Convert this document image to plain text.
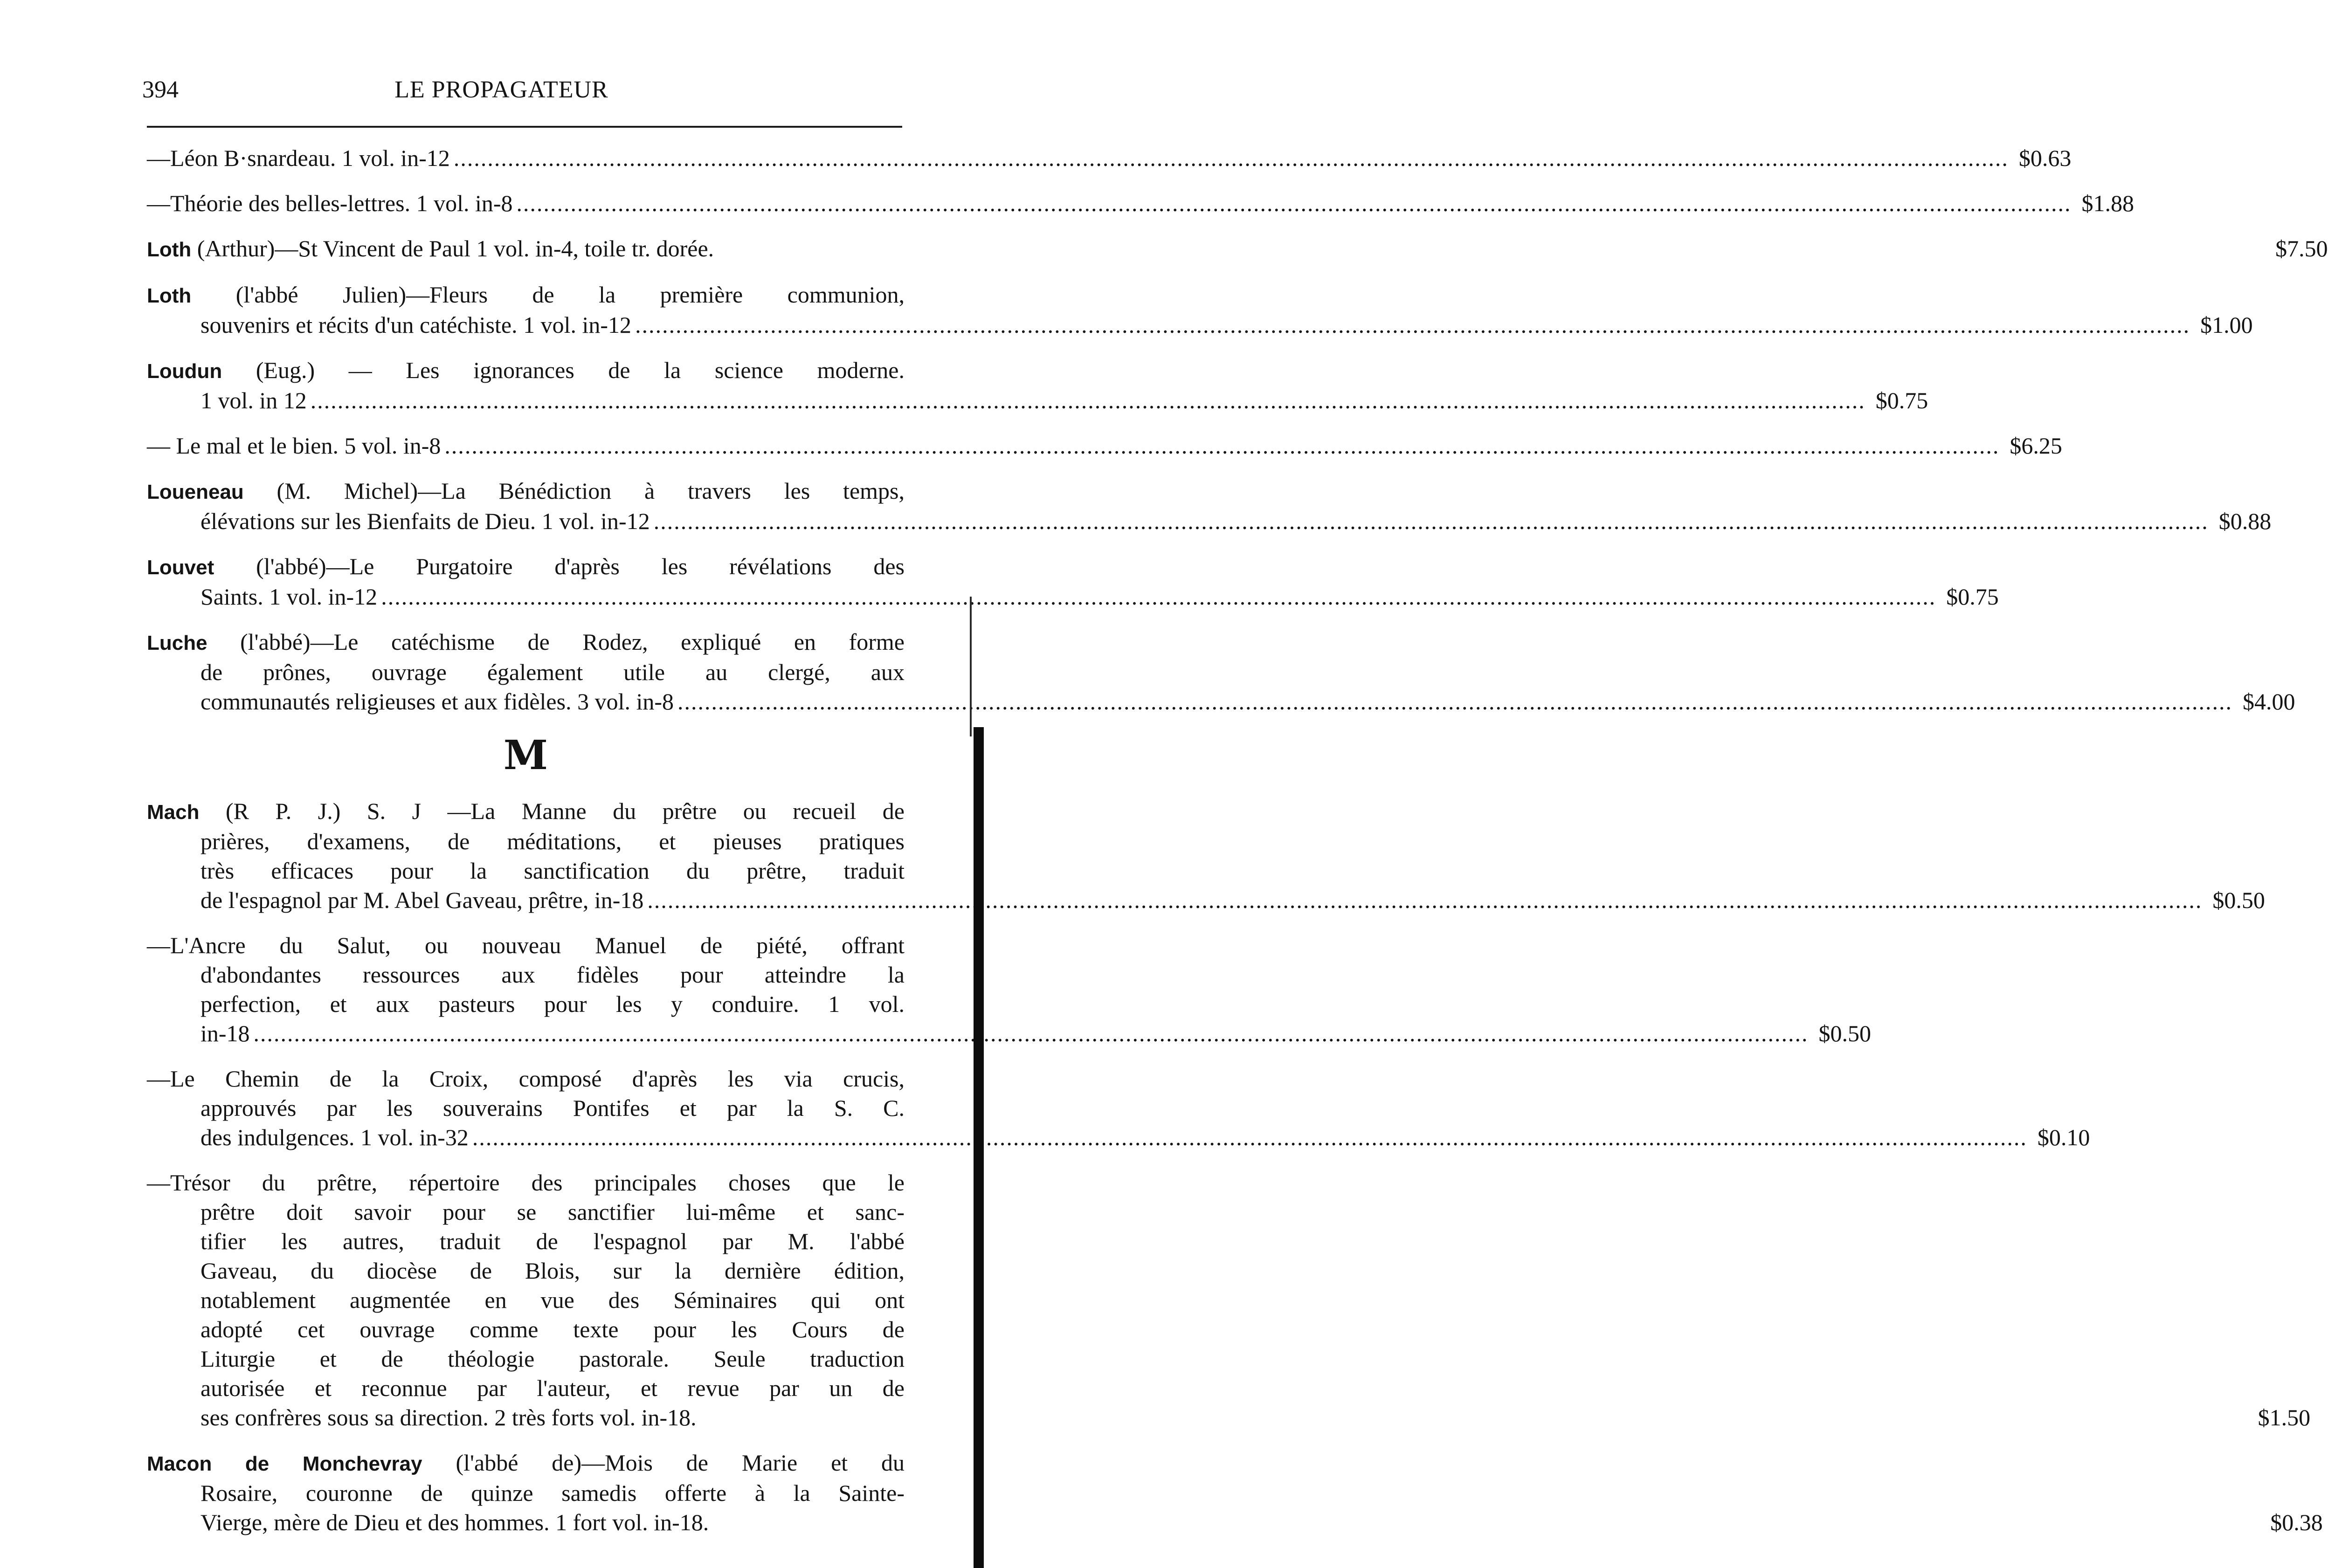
394	LE PROPAGATEUR
—Léon B·snardeau. 1 vol. in-12 .....	$0.63
—Théorie des belles-lettres. 1 vol. in-8 .....	$1.88
Loth (Arthur)—St Vincent de Paul 1 vol. in-4, toile tr. dorée.	$7.50
Loth (l'abbé Julien)—Fleurs de la première communion,
souvenirs et récits d'un catéchiste. 1 vol. in-12 .....	$1.00
Loudun (Eug.) — Les ignorances de la science moderne.
1 vol. in 12 .....	$0.75
— Le mal et le bien. 5 vol. in-8 .....	$6.25
Loueneau (M. Michel)—La Bénédiction à travers les temps,
élévations sur les Bienfaits de Dieu. 1 vol. in-12 .....	$0.88
Louvet (l'abbé)—Le Purgatoire d'après les révélations des
Saints. 1 vol. in-12 .....	$0.75
Luche (l'abbé)—Le catéchisme de Rodez, expliqué en forme
de prônes, ouvrage également utile au clergé, aux
communautés religieuses et aux fidèles. 3 vol. in-8 .....	$4.00
M
Mach (R P. J.) S. J —La Manne du prêtre ou recueil de
prières, d'examens, de méditations, et pieuses pratiques
très efficaces pour la sanctification du prêtre, traduit
de l'espagnol par M. Abel Gaveau, prêtre, in-18 .....	$0.50
—L'Ancre du Salut, ou nouveau Manuel de piété, offrant
d'abondantes ressources aux fidèles pour atteindre la
perfection, et aux pasteurs pour les y conduire. 1 vol.
in-18 .....	$0.50
—Le Chemin de la Croix, composé d'après les via crucis,
approuvés par les souverains Pontifes et par la S. C.
des indulgences. 1 vol. in-32 .....	$0.10
—Trésor du prêtre, répertoire des principales choses que le
prêtre doit savoir pour se sanctifier lui-même et sanc-
tifier les autres, traduit de l'espagnol par M. l'abbé
Gaveau, du diocèse de Blois, sur la dernière édition,
notablement augmentée en vue des Séminaires qui ont
adopté cet ouvrage comme texte pour les Cours de
Liturgie et de théologie pastorale. Seule traduction
autorisée et reconnue par l'auteur, et revue par un de
ses confrères sous sa direction. 2 très forts vol. in-18.	$1.50
Macon de Monchevray (l'abbé de)—Mois de Marie et du
Rosaire, couronne de quinze samedis offerte à la Sainte-
Vierge, mère de Dieu et des hommes. 1 fort vol. in-18.	$0.38
